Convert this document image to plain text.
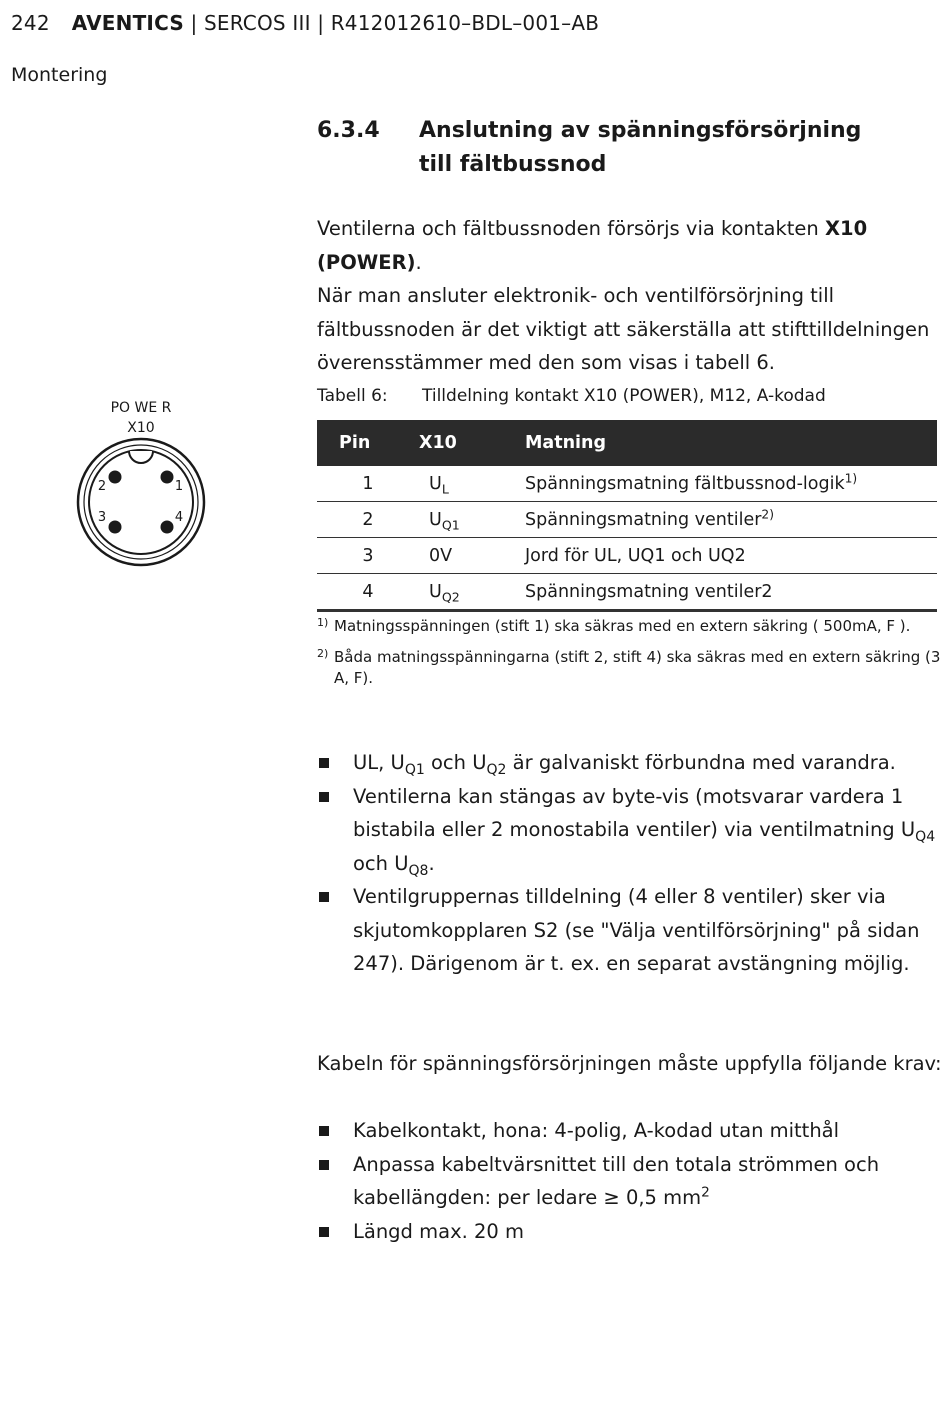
242 AVENTICS | SERCOS III | R412012610–BDL–001–AB
Montering
6.3.4 Anslutning av spänningsförsörjning till fältbussnod

Ventilerna och fältbussnoden försörjs via kontakten X10 (POWER).

När man ansluter elektronik- och ventilförsörjning till fältbussnoden är det viktigt att säkerställa att stifttilldelningen överensstämmer med den som visas i tabell 6.

PO WE R
X10
2	1
3	4
Tabell 6: Tilldelning kontakt X10 (POWER), M12, A-kodad
Pin	X10	Matning
1	$U_L$	Spänningsmatning fältbussnod-logik$^{1)}$
2	$U_{Q1}$	Spänningsmatning ventiler$^{2)}$
3	0V	Jord för UL, UQ1 och UQ2
4	$U_{Q2}$	Spänningsmatning ventiler2
1) Matningsspänningen (stift 1) ska säkras med en extern säkring ( 500mA, F ).
2) Båda matningsspänningarna (stift 2, stift 4) ska säkras med en extern säkring (3 A, F).
UL, $U_{Q1}$ och $U_{Q2}$ är galvaniskt förbundna med varandra.
Ventilerna kan stängas av byte-vis (motsvarar vardera 1 bistabila eller 2 monostabila ventiler) via ventilmatning $U_{Q4}$ och $U_{Q8}$.
Ventilgruppernas tilldelning (4 eller 8 ventiler) sker via skjutomkopplaren S2 (se "Välja ventilförsörjning" på sidan 247). Därigenom är t. ex. en separat avstängning möjlig.
Kabeln för spänningsförsörjningen måste uppfylla följande krav:
Kabelkontakt, hona: 4-polig, A-kodad utan mitthål
Anpassa kabeltvärsnittet till den totala strömmen och kabellängden: per ledare ≥ 0,5 $mm^2$
Längd max. 20 m
